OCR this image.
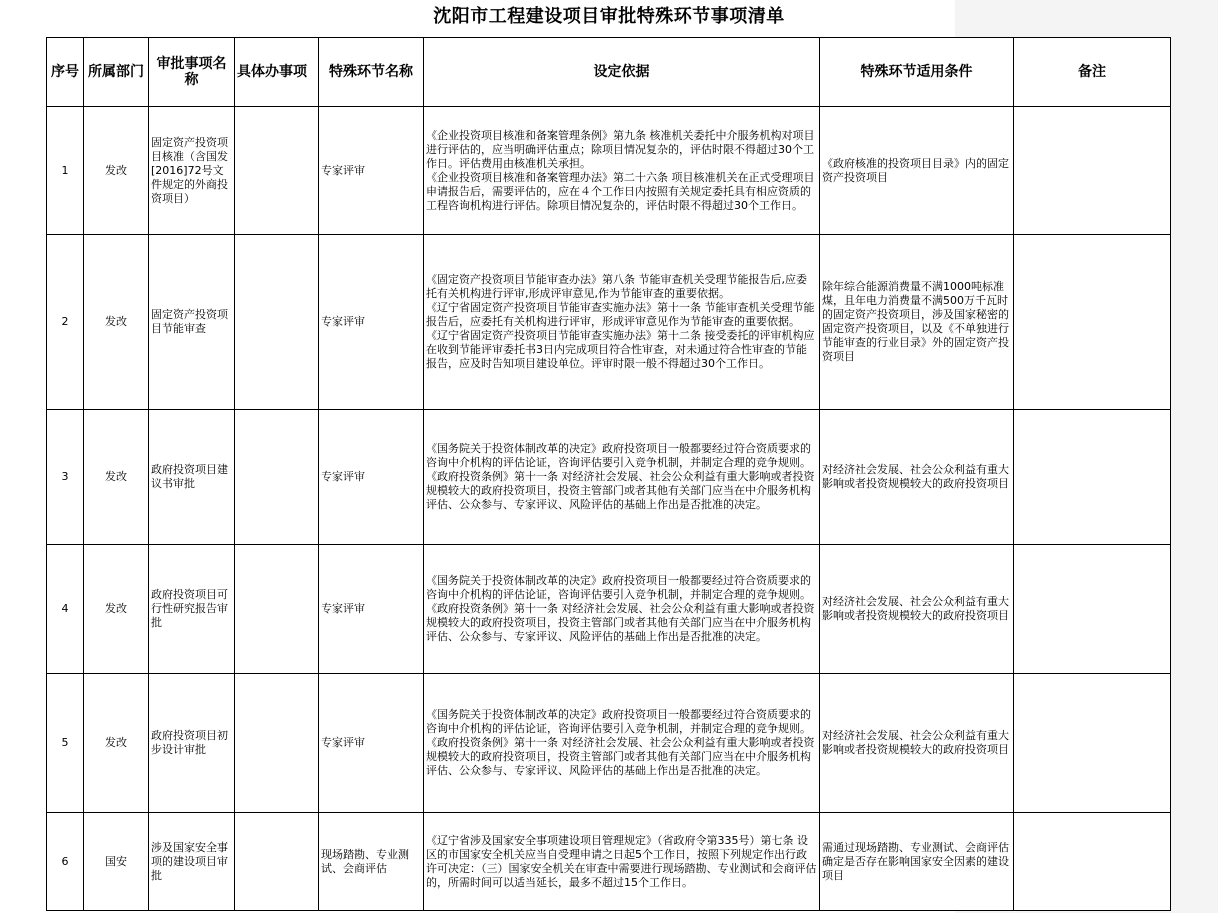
沈阳市工程建设项目审批特殊环节事项清单
序号	所属部门	审批事项名称	具体办事项	特殊环节名称	设定依据	特殊环节适用条件	备注
1	发改	固定资产投资项目核准（含国发[2016]72号文件规定的外商投资项目）		专家评审	《企业投资项目核准和备案管理条例》第九条 核准机关委托中介服务机构对项目进行评估的，应当明确评估重点；除项目情况复杂的，评估时限不得超过30个工作日。评估费用由核准机关承担。

《企业投资项目核准和备案管理办法》第二十六条 项目核准机关在正式受理项目申请报告后，需要评估的，应在４个工作日内按照有关规定委托具有相应资质的工程咨询机构进行评估。除项目情况复杂的，评估时限不得超过30个工作日。	《政府核准的投资项目目录》内的固定资产投资项目	
2	发改	固定资产投资项目节能审查		专家评审	《固定资产投资项目节能审查办法》第八条 节能审查机关受理节能报告后,应委托有关机构进行评审,形成评审意见,作为节能审查的重要依据。

《辽宁省固定资产投资项目节能审查实施办法》第十一条 节能审查机关受理节能报告后，应委托有关机构进行评审，形成评审意见作为节能审查的重要依据。

《辽宁省固定资产投资项目节能审查实施办法》第十二条 接受委托的评审机构应在收到节能评审委托书3日内完成项目符合性审查，对未通过符合性审查的节能报告，应及时告知项目建设单位。评审时限一般不得超过30个工作日。	除年综合能源消费量不满1000吨标准煤，且年电力消费量不满500万千瓦时的固定资产投资项目，涉及国家秘密的固定资产投资项目，以及《不单独进行节能审查的行业目录》外的固定资产投资项目	
3	发改	政府投资项目建议书审批		专家评审	《国务院关于投资体制改革的决定》政府投资项目一般都要经过符合资质要求的咨询中介机构的评估论证，咨询评估要引入竞争机制，并制定合理的竞争规则。

《政府投资条例》第十一条 对经济社会发展、社会公众利益有重大影响或者投资规模较大的政府投资项目，投资主管部门或者其他有关部门应当在中介服务机构评估、公众参与、专家评议、风险评估的基础上作出是否批准的决定。	对经济社会发展、社会公众利益有重大影响或者投资规模较大的政府投资项目	
4	发改	政府投资项目可行性研究报告审批		专家评审	《国务院关于投资体制改革的决定》政府投资项目一般都要经过符合资质要求的咨询中介机构的评估论证，咨询评估要引入竞争机制，并制定合理的竞争规则。

《政府投资条例》第十一条 对经济社会发展、社会公众利益有重大影响或者投资规模较大的政府投资项目，投资主管部门或者其他有关部门应当在中介服务机构评估、公众参与、专家评议、风险评估的基础上作出是否批准的决定。	对经济社会发展、社会公众利益有重大影响或者投资规模较大的政府投资项目	
5	发改	政府投资项目初步设计审批		专家评审	《国务院关于投资体制改革的决定》政府投资项目一般都要经过符合资质要求的咨询中介机构的评估论证，咨询评估要引入竞争机制，并制定合理的竞争规则。

《政府投资条例》第十一条 对经济社会发展、社会公众利益有重大影响或者投资规模较大的政府投资项目，投资主管部门或者其他有关部门应当在中介服务机构评估、公众参与、专家评议、风险评估的基础上作出是否批准的决定。	对经济社会发展、社会公众利益有重大影响或者投资规模较大的政府投资项目	
6	国安	涉及国家安全事项的建设项目审批		现场踏勘、专业测试、会商评估	《辽宁省涉及国家安全事项建设项目管理规定》（省政府令第335号）第七条 设区的市国家安全机关应当自受理申请之日起5个工作日，按照下列规定作出行政许可决定：（三）国家安全机关在审查中需要进行现场踏勘、专业测试和会商评估的，所需时间可以适当延长，最多不超过15个工作日。	需通过现场踏勘、专业测试、会商评估确定是否存在影响国家安全因素的建设项目	
